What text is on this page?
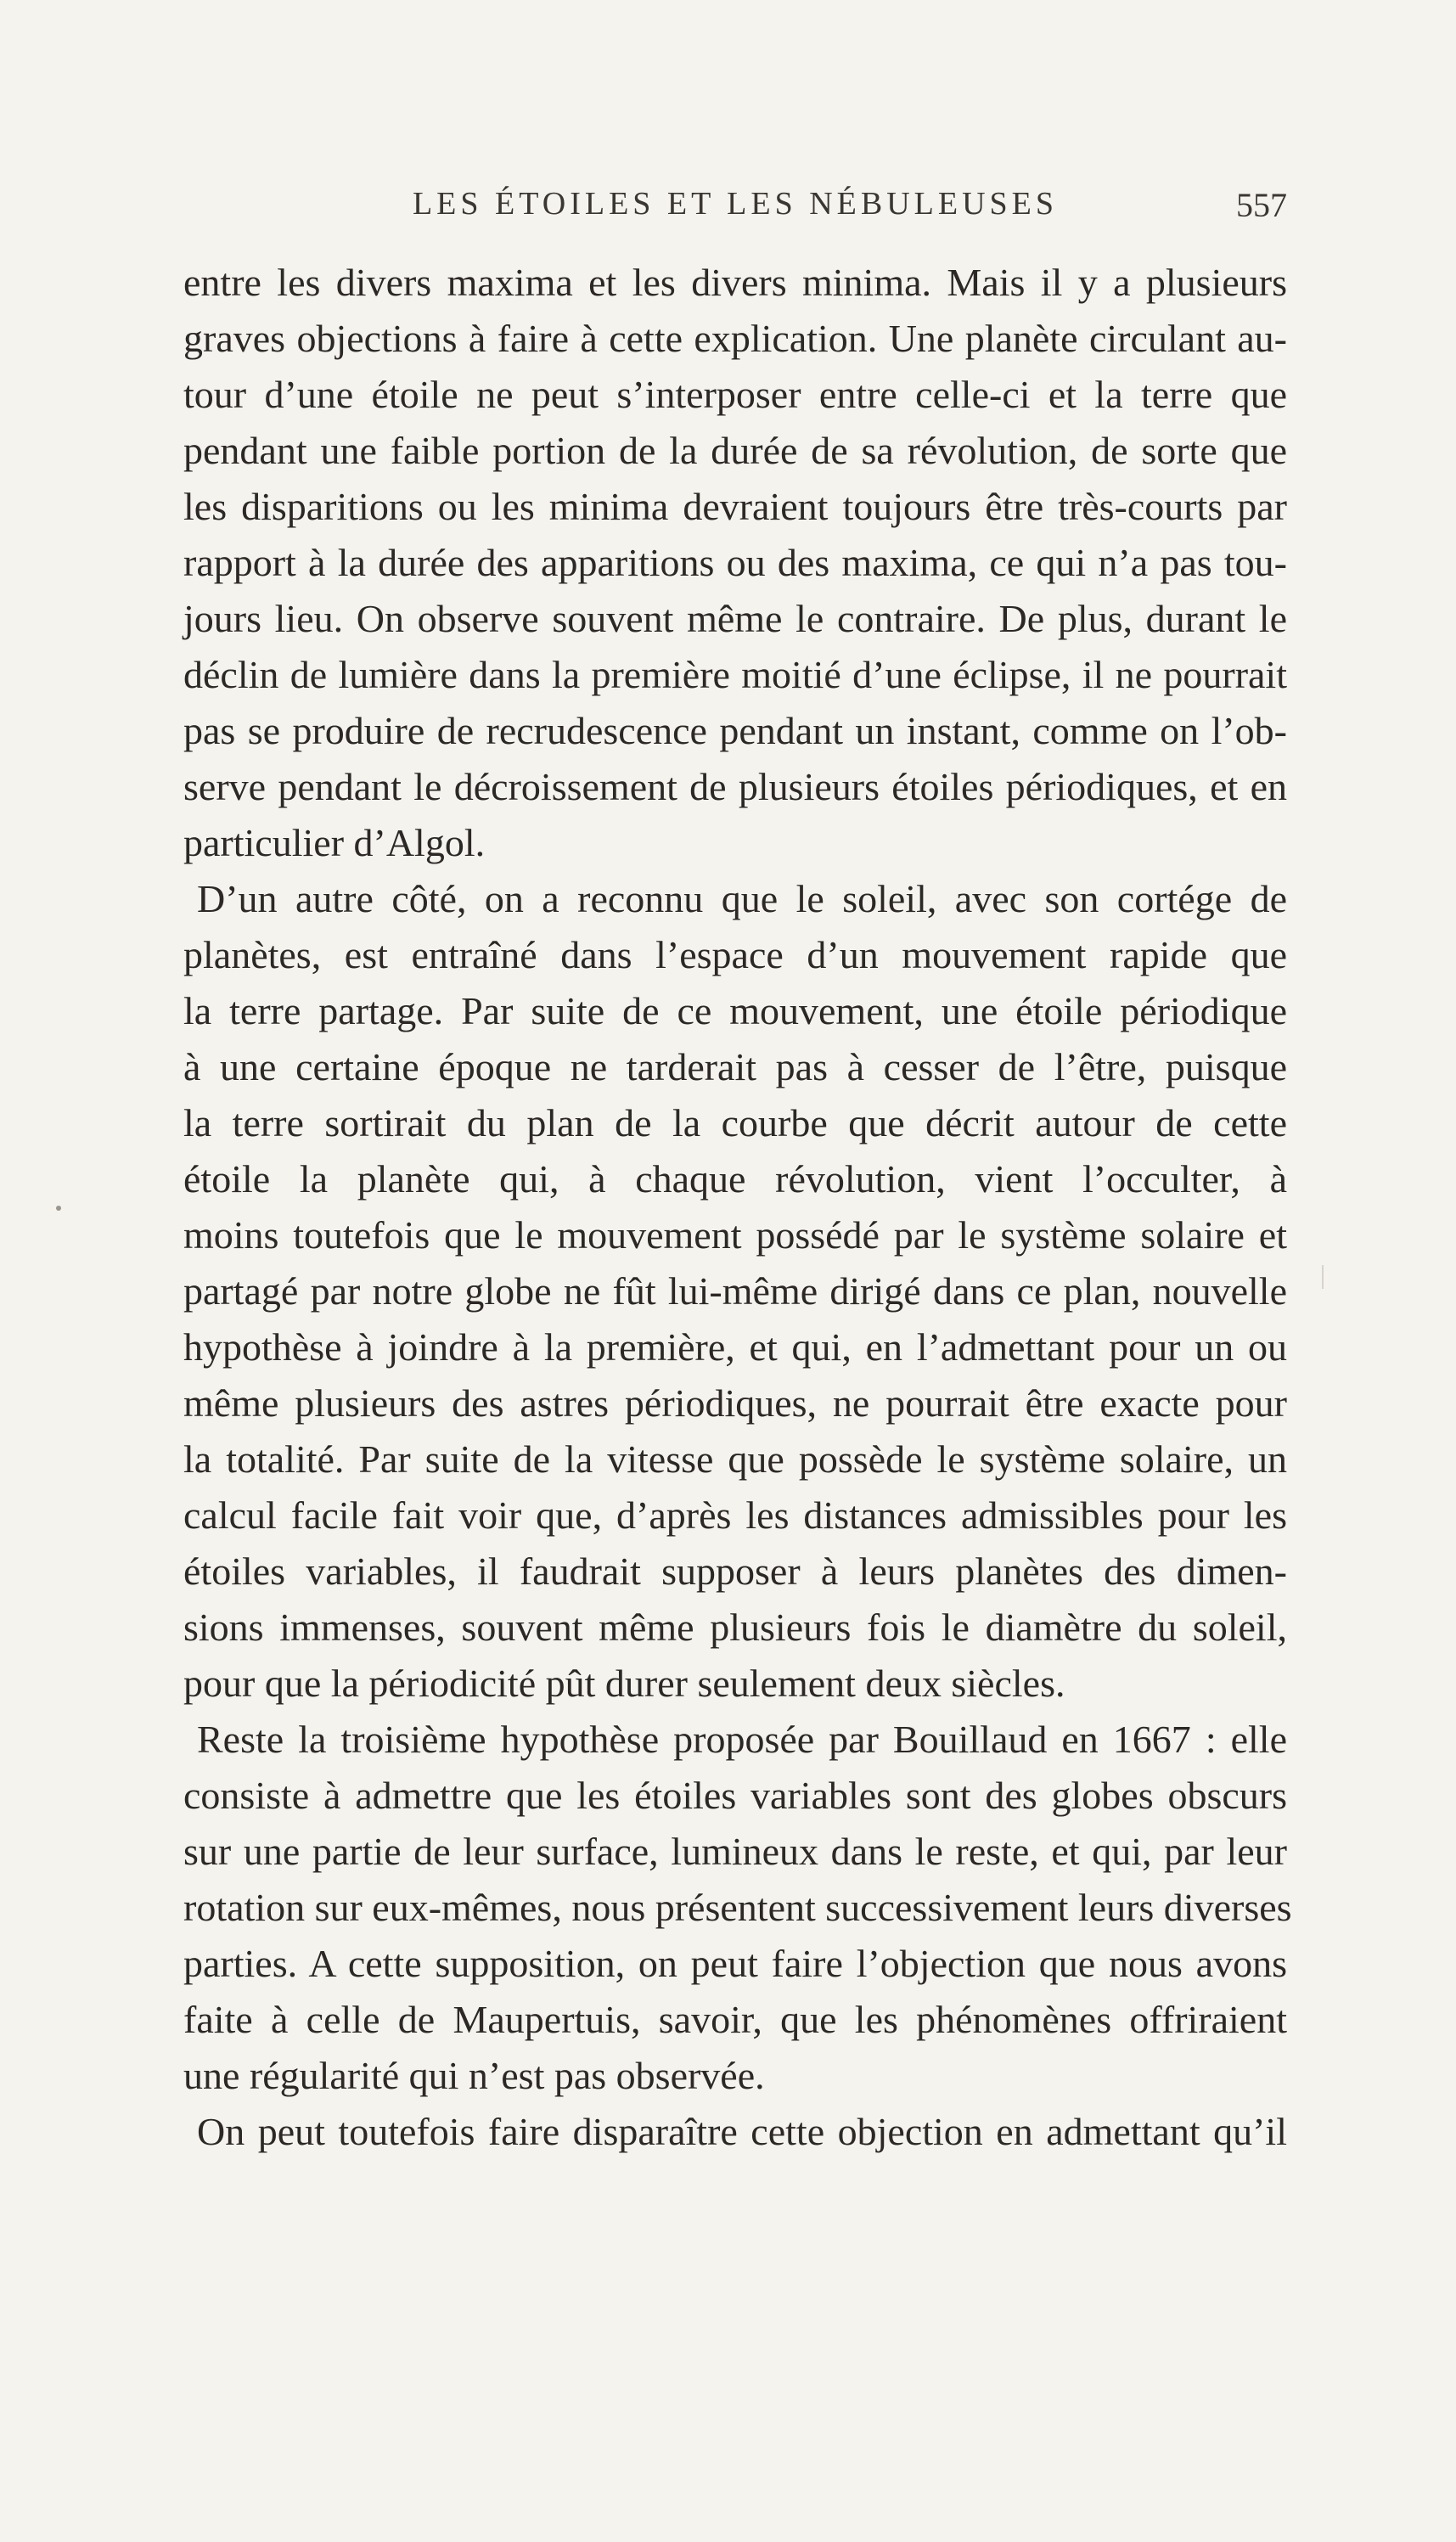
LES ÉTOILES ET LES NÉBULEUSES	557
entre les divers maxima et les divers minima. Mais il y a plusieurs
graves objections à faire à cette explication. Une planète circulant au-
tour d’une étoile ne peut s’interposer entre celle-ci et la terre que
pendant une faible portion de la durée de sa révolution, de sorte que
les disparitions ou les minima devraient toujours être très-courts par
rapport à la durée des apparitions ou des maxima, ce qui n’a pas tou-
jours lieu. On observe souvent même le contraire. De plus, durant le
déclin de lumière dans la première moitié d’une éclipse, il ne pourrait
pas se produire de recrudescence pendant un instant, comme on l’ob-
serve pendant le décroissement de plusieurs étoiles périodiques, et en
particulier d’Algol.
D’un autre côté, on a reconnu que le soleil, avec son cortége de
planètes, est entraîné dans l’espace d’un mouvement rapide que
la terre partage. Par suite de ce mouvement, une étoile périodique
à une certaine époque ne tarderait pas à cesser de l’être, puisque
la terre sortirait du plan de la courbe que décrit autour de cette
étoile la planète qui, à chaque révolution, vient l’occulter, à
moins toutefois que le mouvement possédé par le système solaire et
partagé par notre globe ne fût lui-même dirigé dans ce plan, nouvelle
hypothèse à joindre à la première, et qui, en l’admettant pour un ou
même plusieurs des astres périodiques, ne pourrait être exacte pour
la totalité. Par suite de la vitesse que possède le système solaire, un
calcul facile fait voir que, d’après les distances admissibles pour les
étoiles variables, il faudrait supposer à leurs planètes des dimen-
sions immenses, souvent même plusieurs fois le diamètre du soleil,
pour que la périodicité pût durer seulement deux siècles.
Reste la troisième hypothèse proposée par Bouillaud en 1667 : elle
consiste à admettre que les étoiles variables sont des globes obscurs
sur une partie de leur surface, lumineux dans le reste, et qui, par leur
rotation sur eux-mêmes, nous présentent successivement leurs diverses
parties. A cette supposition, on peut faire l’objection que nous avons
faite à celle de Maupertuis, savoir, que les phénomènes offriraient
une régularité qui n’est pas observée.
On peut toutefois faire disparaître cette objection en admettant qu’il
